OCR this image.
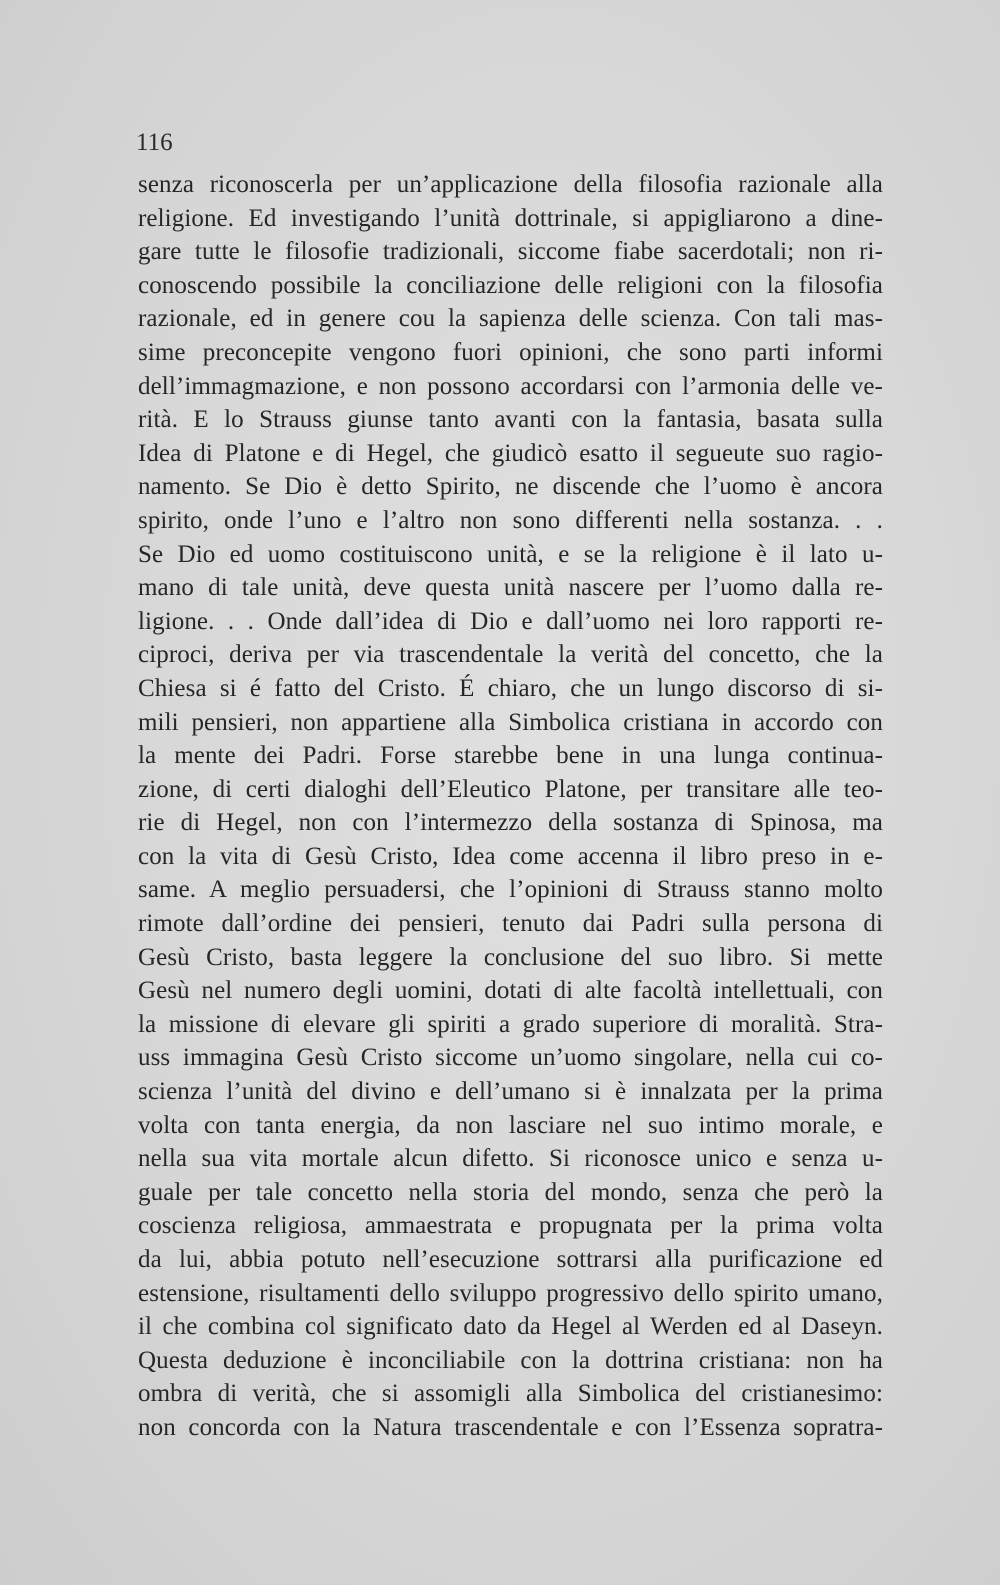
116
senza riconoscerla per un’applicazione della filosofia razionale alla
religione. Ed investigando l’unità dottrinale, si appigliarono a dine-
gare tutte le filosofie tradizionali, siccome fiabe sacerdotali; non ri-
conoscendo possibile la conciliazione delle religioni con la filosofia
razionale, ed in genere cou la sapienza delle scienza. Con tali mas-
sime preconcepite vengono fuori opinioni, che sono parti informi
dell’immagmazione, e non possono accordarsi con l’armonia delle ve-
rità. E lo Strauss giunse tanto avanti con la fantasia, basata sulla
Idea di Platone e di Hegel, che giudicò esatto il segueute suo ragio-
namento. Se Dio è detto Spirito, ne discende che l’uomo è ancora
spirito, onde l’uno e l’altro non sono differenti nella sostanza. . .
Se Dio ed uomo costituiscono unità, e se la religione è il lato u-
mano di tale unità, deve questa unità nascere per l’uomo dalla re-
ligione. . . Onde dall’idea di Dio e dall’uomo nei loro rapporti re-
ciproci, deriva per via trascendentale la verità del concetto, che la
Chiesa si é fatto del Cristo. É chiaro, che un lungo discorso di si-
mili pensieri, non appartiene alla Simbolica cristiana in accordo con
la mente dei Padri. Forse starebbe bene in una lunga continua-
zione, di certi dialoghi dell’Eleutico Platone, per transitare alle teo-
rie di Hegel, non con l’intermezzo della sostanza di Spinosa, ma
con la vita di Gesù Cristo, Idea come accenna il libro preso in e-
same. A meglio persuadersi, che l’opinioni di Strauss stanno molto
rimote dall’ordine dei pensieri, tenuto dai Padri sulla persona di
Gesù Cristo, basta leggere la conclusione del suo libro. Si mette
Gesù nel numero degli uomini, dotati di alte facoltà intellettuali, con
la missione di elevare gli spiriti a grado superiore di moralità. Stra-
uss immagina Gesù Cristo siccome un’uomo singolare, nella cui co-
scienza l’unità del divino e dell’umano si è innalzata per la prima
volta con tanta energia, da non lasciare nel suo intimo morale, e
nella sua vita mortale alcun difetto. Si riconosce unico e senza u-
guale per tale concetto nella storia del mondo, senza che però la
coscienza religiosa, ammaestrata e propugnata per la prima volta
da lui, abbia potuto nell’esecuzione sottrarsi alla purificazione ed
estensione, risultamenti dello sviluppo progressivo dello spirito umano,
il che combina col significato dato da Hegel al Werden ed al Daseyn.
Questa deduzione è inconciliabile con la dottrina cristiana: non ha
ombra di verità, che si assomigli alla Simbolica del cristianesimo:
non concorda con la Natura trascendentale e con l’Essenza sopratra-
